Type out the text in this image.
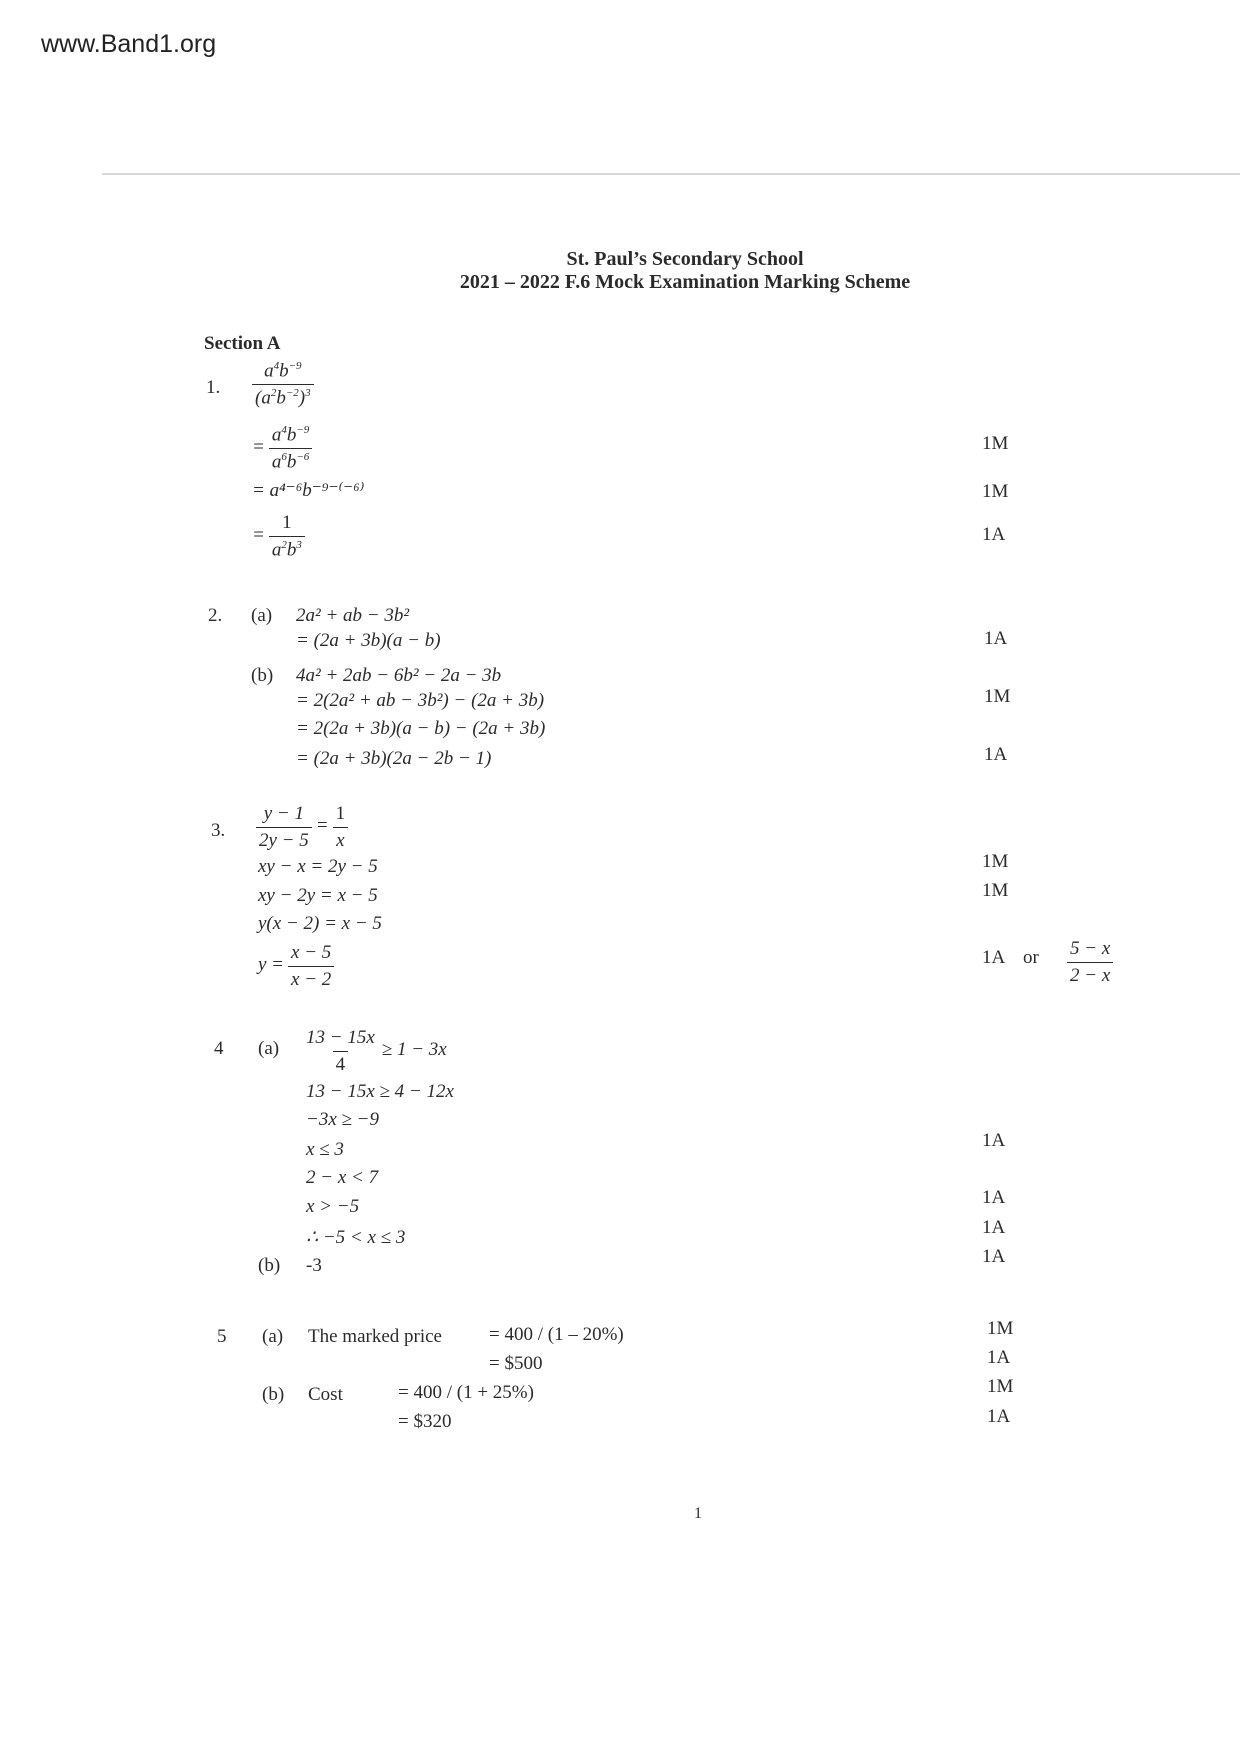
www.Band1.org
St. Paul’s Secondary School
2021 – 2022 F.6 Mock Examination Marking Scheme
Section A
1. $\frac{a^4b^{-9}}{(a^2b^{-2})^3}$
= $\frac{a^4b^{-9}}{a^6b^{-6}}$
= a⁴⁻⁶b⁻⁹⁻⁽⁻⁶⁾
= $\frac{1}{a^2b^3}$
1M
1M
1A
2. (a) 2a² + ab − 3b²
= (2a + 3b)(a − b)
(b) 4a² + 2ab − 6b² − 2a − 3b
= 2(2a² + ab − 3b²) − (2a + 3b)
= 2(2a + 3b)(a − b) − (2a + 3b)
= (2a + 3b)(2a − 2b − 1)
1A
1M
1A
3. $\frac{y - 1}{2y - 5} = \frac{1}{x}$
xy − x = 2y − 5
xy − 2y = x − 5
y(x − 2) = x − 5
$y = \frac{x - 5}{x - 2}$
1M
1M
1A or $\frac{5 - x}{2 - x}$
4 $(a) \frac{13 - 15x}{4} \ge 1 - 3x$
13 − 15x ≥ 4 − 12x
−3x ≥ −9
x ≤ 3
2 − x < 7
x > −5
∴ −5 < x ≤ 3
(b) -3
1A
1A
1A
1A
5 (a) The marked price = 400 / (1 – 20%)
= $500
(b) Cost	= 400 / (1 + 25%)
= $320
1M
1A
1M
1A
1
